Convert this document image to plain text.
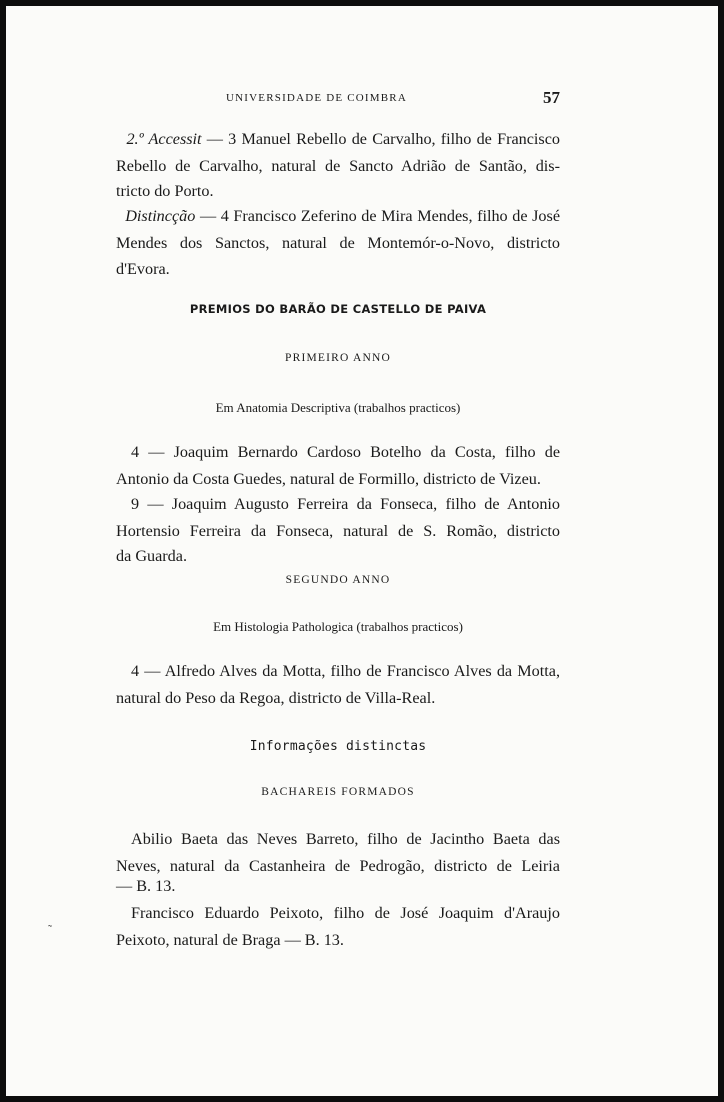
UNIVERSIDADE DE COIMBRA	57
2.º Accessit — 3 Manuel Rebello de Carvalho, filho de Francisco Rebello de Carvalho, natural de Sancto Adrião de Santão, dis-
tricto do Porto.
Distincção — 4 Francisco Zeferino de Mira Mendes, filho de José Mendes dos Sanctos, natural de Montemór-o-Novo, districto
d'Evora.
PREMIOS DO BARÃO DE CASTELLO DE PAIVA
PRIMEIRO ANNO
Em Anatomia Descriptiva (trabalhos practicos)
4 — Joaquim Bernardo Cardoso Botelho da Costa, filho de Antonio da Costa Guedes, natural de Formillo, districto de Vizeu.
9 — Joaquim Augusto Ferreira da Fonseca, filho de Antonio Hortensio Ferreira da Fonseca, natural de S. Romão, districto
da Guarda.
SEGUNDO ANNO
Em Histologia Pathologica (trabalhos practicos)
4 — Alfredo Alves da Motta, filho de Francisco Alves da Motta,
natural do Peso da Regoa, districto de Villa-Real.
Informações distinctas
BACHAREIS FORMADOS
Abilio Baeta das Neves Barreto, filho de Jacintho Baeta das Neves, natural da Castanheira de Pedrogão, districto de Leiria
— B. 13.
Francisco Eduardo Peixoto, filho de José Joaquim d'Araujo
Peixoto, natural de Braga — B. 13.
˜
